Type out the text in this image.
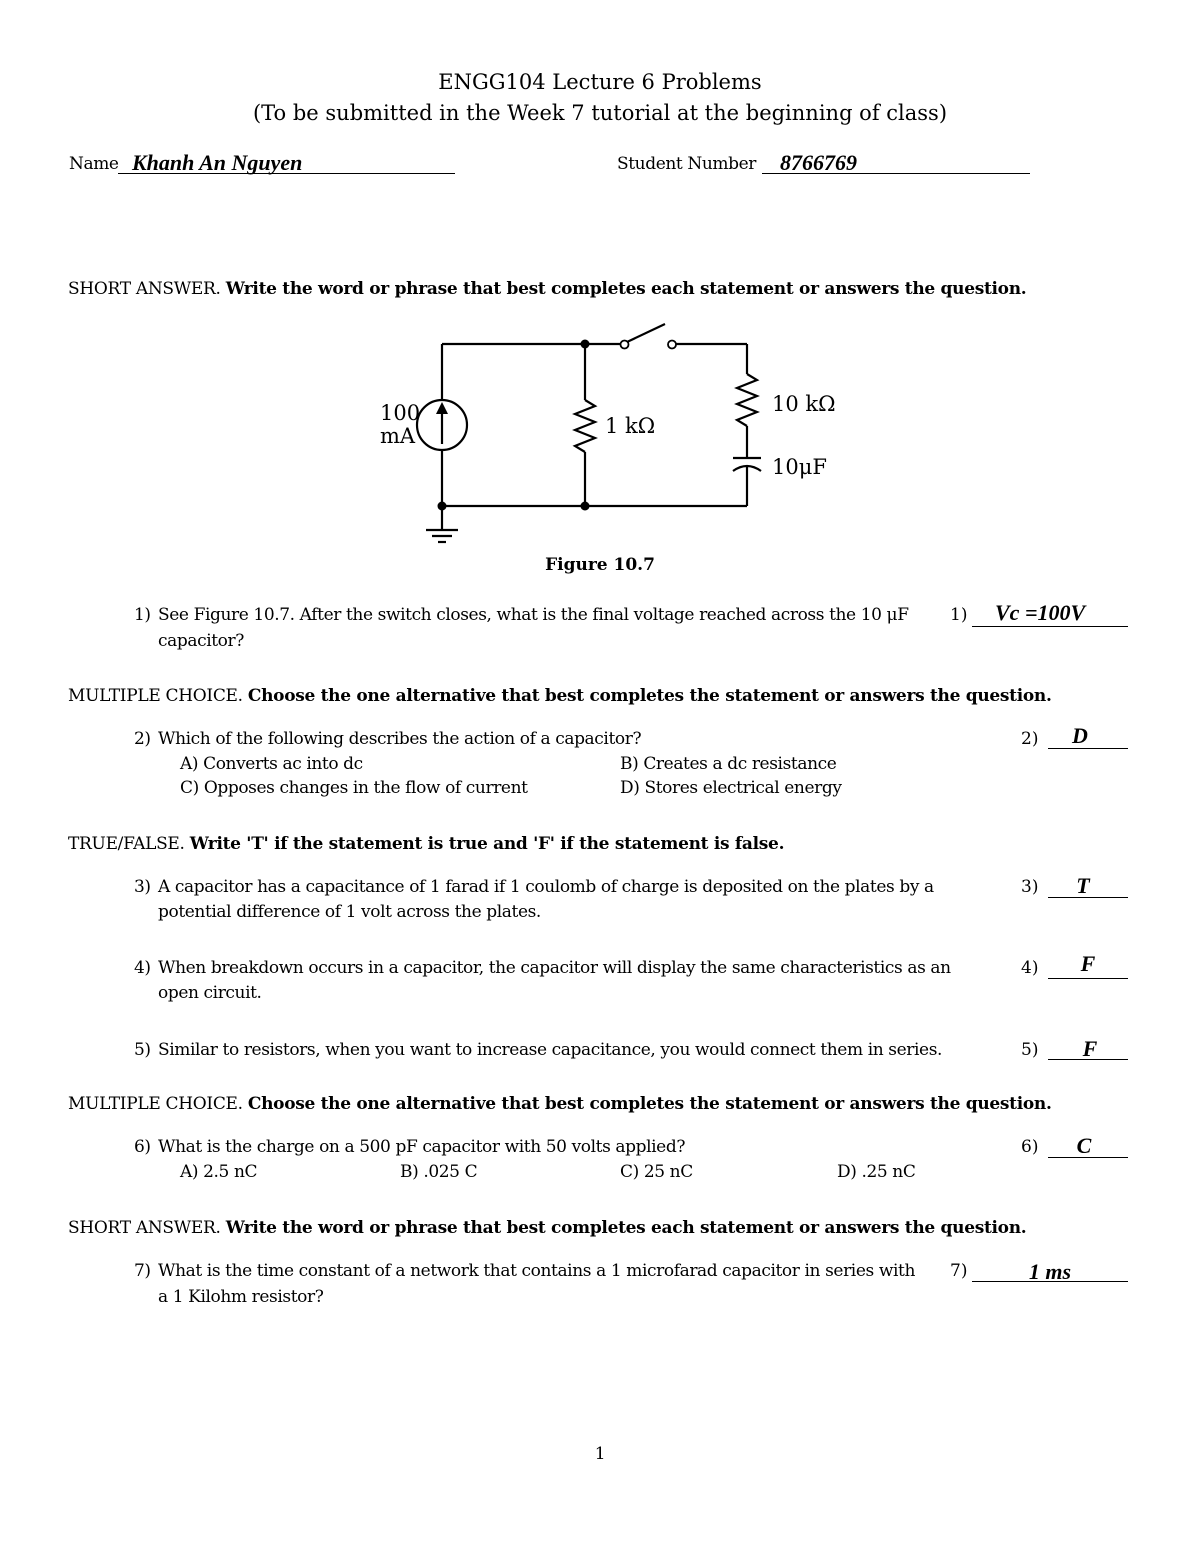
ENGG104 Lecture 6 Problems
(To be submitted in the Week 7 tutorial at the beginning of class)
Name Khanh An Nguyen	Student Number 8766769
SHORT ANSWER. Write the word or phrase that best completes each statement or answers the question.
100
mA	1 kΩ
10 kΩ
10μF
Figure 10.7
1) See Figure 10.7. After the switch closes, what is the final voltage reached across the 10 μF
capacitor?
1) Vc =100V
MULTIPLE CHOICE. Choose the one alternative that best completes the statement or answers the question.
2) Which of the following describes the action of a capacitor?
A) Converts ac into dc	B) Creates a dc resistance
C) Opposes changes in the flow of current	D) Stores electrical energy
2)	D
TRUE/FALSE. Write 'T' if the statement is true and 'F' if the statement is false.
3) A capacitor has a capacitance of 1 farad if 1 coulomb of charge is deposited on the plates by a
potential difference of 1 volt across the plates.
3)	T
4) When breakdown occurs in a capacitor, the capacitor will display the same characteristics as an
open circuit.
4)	F
5) Similar to resistors, when you want to increase capacitance, you would connect them in series.	5)	F
MULTIPLE CHOICE. Choose the one alternative that best completes the statement or answers the question.
6) What is the charge on a 500 pF capacitor with 50 volts applied?
A) 2.5 nC	B) .025 C	C) 25 nC	D) .25 nC
6)	C
SHORT ANSWER. Write the word or phrase that best completes each statement or answers the question.
7) What is the time constant of a network that contains a 1 microfarad capacitor in series with
a 1 Kilohm resistor?
7)	1 ms
1
